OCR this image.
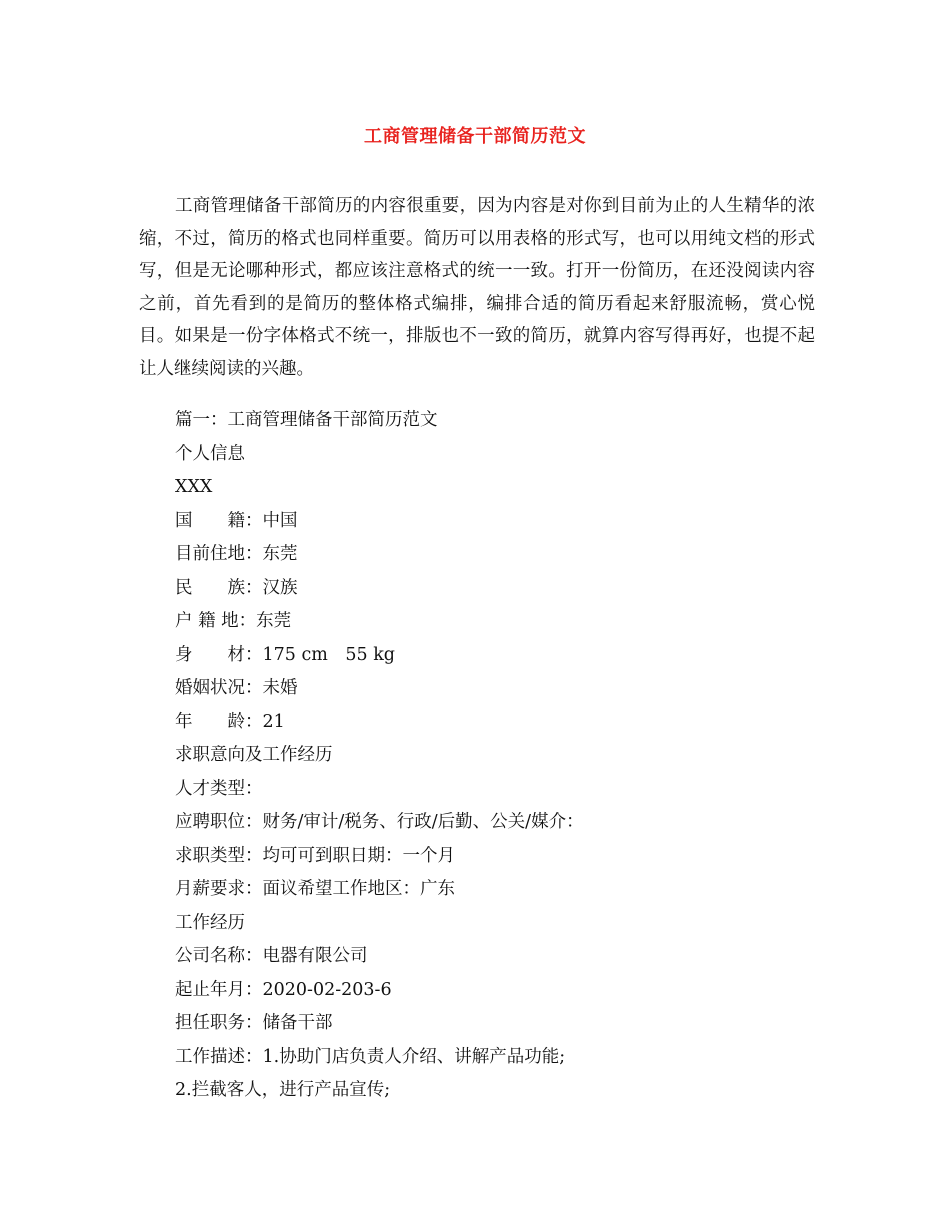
工商管理储备干部简历范文

工商管理储备干部简历的内容很重要，因为内容是对你到目前为止的人生精华的浓缩，不过，简历的格式也同样重要。简历可以用表格的形式写，也可以用纯文档的形式写，但是无论哪种形式，都应该注意格式的统一一致。打开一份简历，在还没阅读内容之前，首先看到的是简历的整体格式编排，编排合适的简历看起来舒服流畅，赏心悦目。如果是一份字体格式不统一，排版也不一致的简历，就算内容写得再好，也提不起让人继续阅读的兴趣。

篇一：工商管理储备干部简历范文
个人信息
XXX
国　　籍：中国
目前住地：东莞
民　　族：汉族
户 籍 地：东莞
身　　材：175 cm　55 kg
婚姻状况：未婚
年　　龄：21
求职意向及工作经历
人才类型：
应聘职位：财务/审计/税务、行政/后勤、公关/媒介：
求职类型：均可可到职日期：一个月
月薪要求：面议希望工作地区：广东
工作经历
公司名称：电器有限公司
起止年月：2020-02-203-6
担任职务：储备干部
工作描述：1.协助门店负责人介绍、讲解产品功能;
2.拦截客人，进行产品宣传;
